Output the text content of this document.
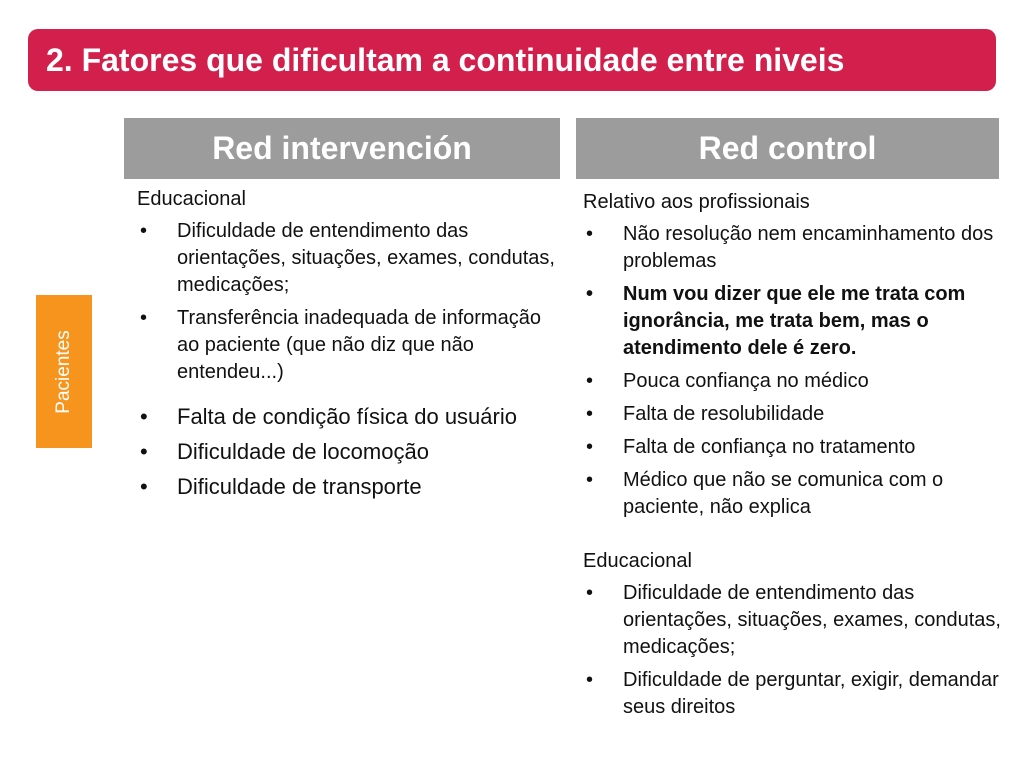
2. Fatores que dificultam a continuidade entre niveis
Red intervención	Red control
Pacientes
Educacional
• Dificuldade de entendimento das orientações, situações, exames, condutas, medicações;
• Transferência inadequada de informação ao paciente (que não diz que não entendeu...)
• Falta de condição física do usuário
• Dificuldade de locomoção
• Dificuldade de transporte
Relativo aos profissionais
• Não resolução nem encaminhamento dos problemas
• Num vou dizer que ele me trata com ignorância, me trata bem, mas o atendimento dele é zero.
• Pouca confiança no médico
• Falta de resolubilidade
• Falta de confiança no tratamento
• Médico que não se comunica com o paciente, não explica
Educacional
• Dificuldade de entendimento das orientações, situações, exames, condutas, medicações;
• Dificuldade de perguntar, exigir, demandar seus direitos
